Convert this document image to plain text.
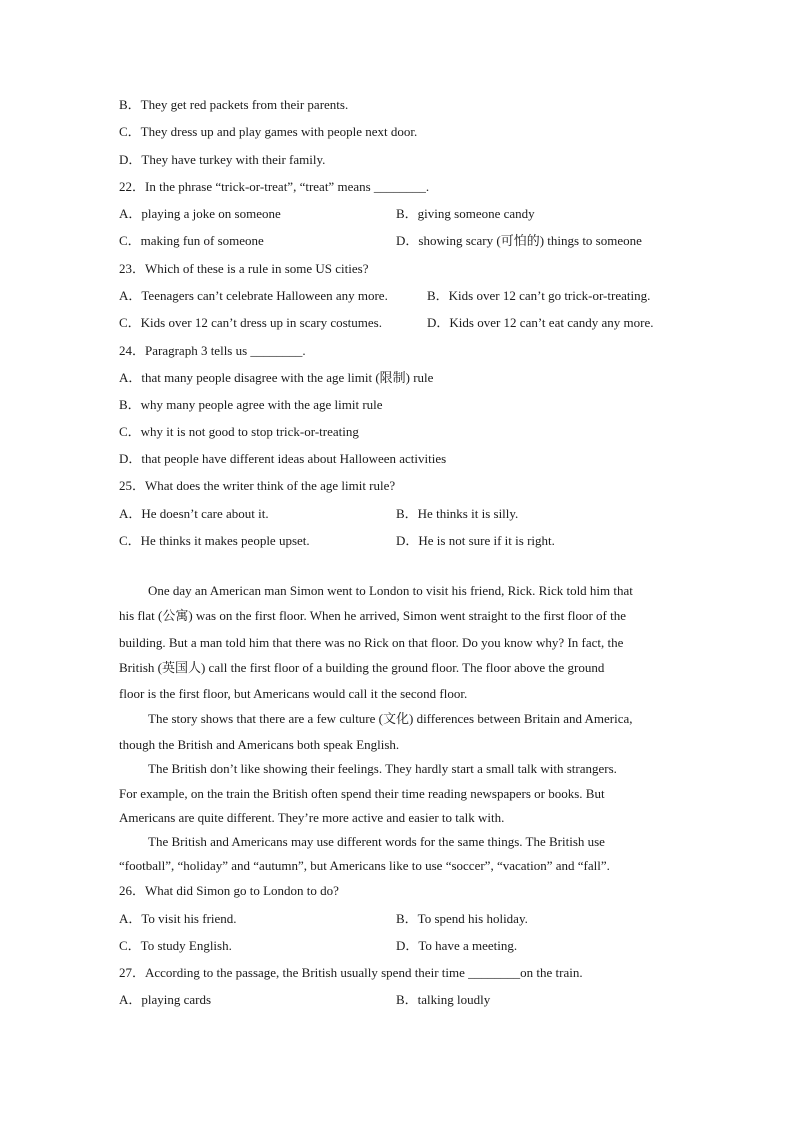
B．They get red packets from their parents.
C．They dress up and play games with people next door.
D．They have turkey with their family.
22．In the phrase “trick-or-treat”, “treat” means ________.
A．playing a joke on someone	B．giving someone candy
C．making fun of someone	D．showing scary (可怕的) things to someone
23．Which of these is a rule in some US cities?
A．Teenagers can’t celebrate Halloween any more.	B．Kids over 12 can’t go trick-or-treating.
C．Kids over 12 can’t dress up in scary costumes.	D．Kids over 12 can’t eat candy any more.
24．Paragraph 3 tells us ________.
A．that many people disagree with the age limit (限制) rule
B．why many people agree with the age limit rule
C．why it is not good to stop trick-or-treating
D．that people have different ideas about Halloween activities
25．What does the writer think of the age limit rule?
A．He doesn’t care about it.	B．He thinks it is silly.
C．He thinks it makes people upset.	D．He is not sure if it is right.
One day an American man Simon went to London to visit his friend, Rick. Rick told him that
his flat (公寓) was on the first floor. When he arrived, Simon went straight to the first floor of the
building. But a man told him that there was no Rick on that floor. Do you know why? In fact, the
British (英国人) call the first floor of a building the ground floor. The floor above the ground
floor is the first floor, but Americans would call it the second floor.
The story shows that there are a few culture (文化) differences between Britain and America,
though the British and Americans both speak English.
The British don’t like showing their feelings. They hardly start a small talk with strangers.
For example, on the train the British often spend their time reading newspapers or books. But
Americans are quite different. They’re more active and easier to talk with.
The British and Americans may use different words for the same things. The British use
“football”, “holiday” and “autumn”, but Americans like to use “soccer”, “vacation” and “fall”.
26．What did Simon go to London to do?
A．To visit his friend.	B．To spend his holiday.
C．To study English.	D．To have a meeting.
27．According to the passage, the British usually spend their time ________on the train.
A．playing cards	B．talking loudly
